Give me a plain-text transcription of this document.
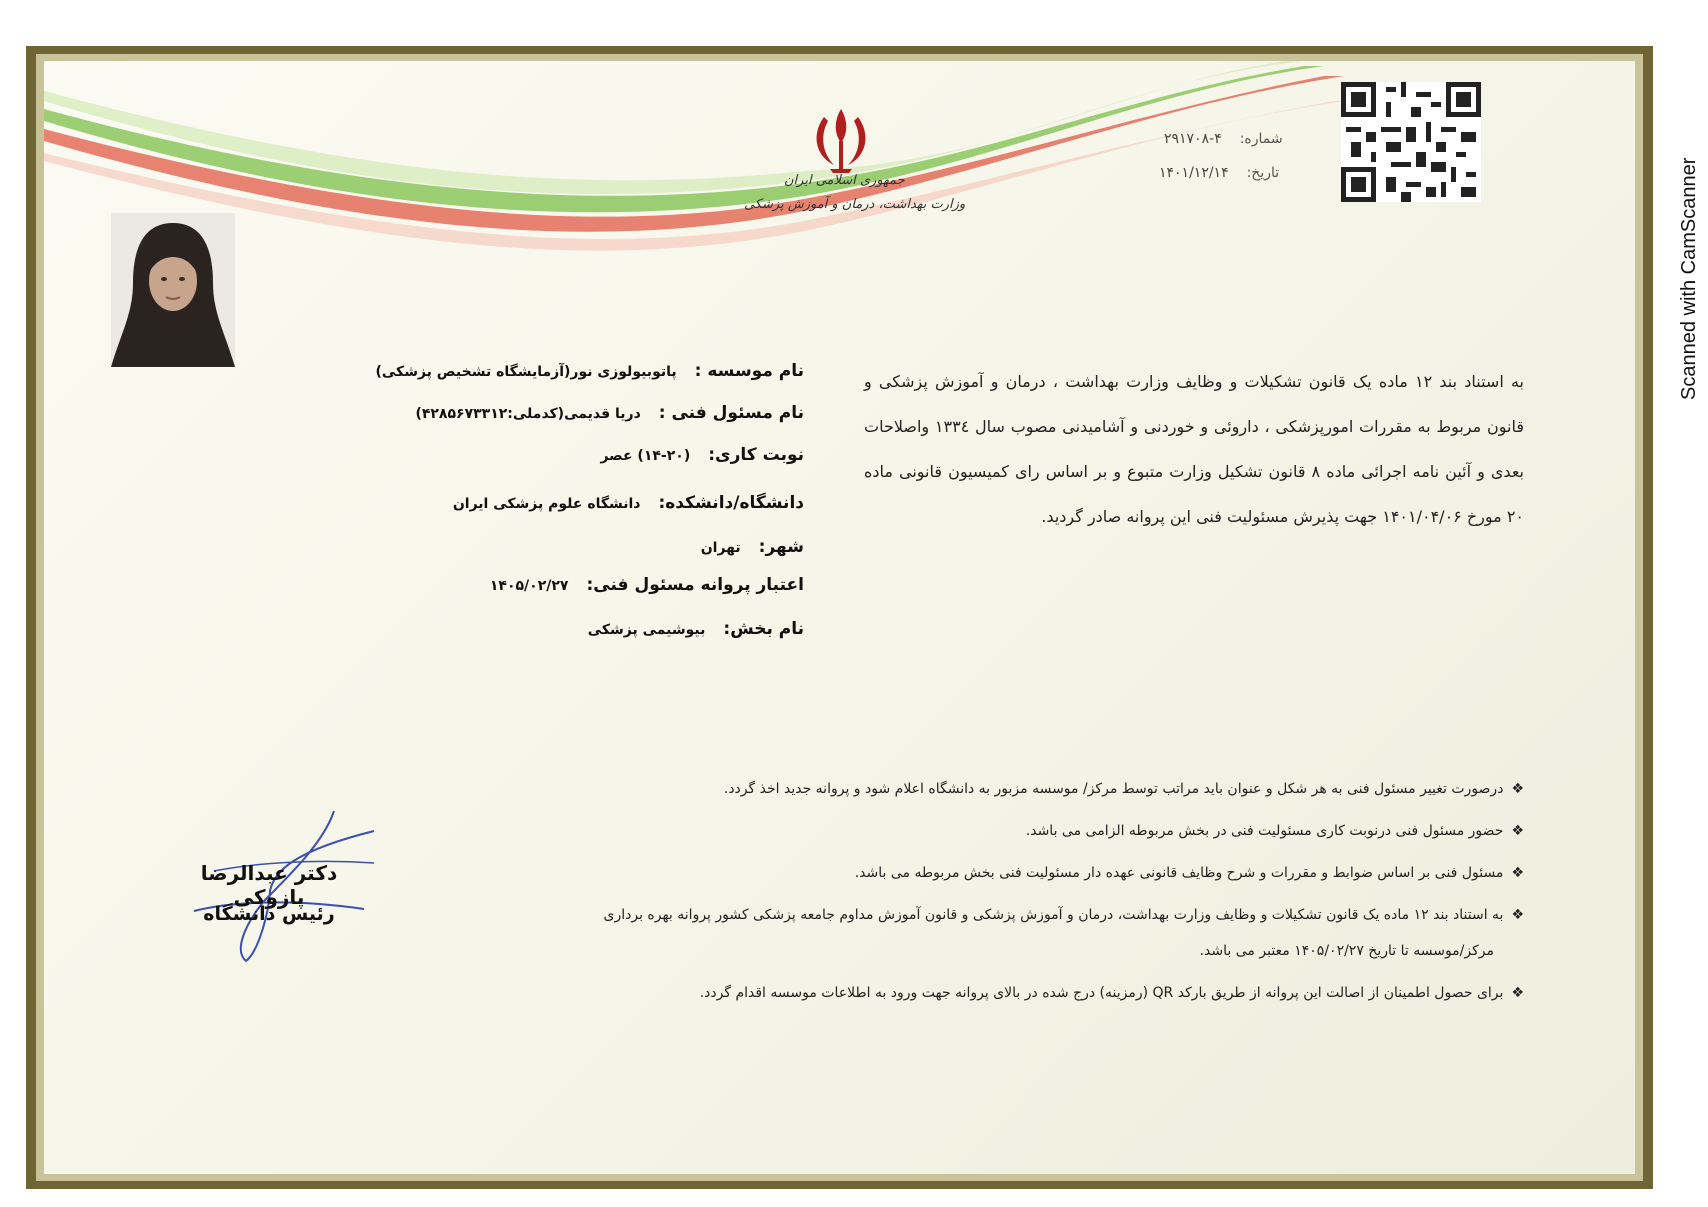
جمهوری اسلامی ایران
وزارت بهداشت، درمان و آموزش پزشکی
شماره:۴-۲۹۱۷۰۸
تاریخ:۱۴۰۱/۱۲/۱۴
به استناد بند ۱۲ ماده یک قانون تشکیلات و وظایف وزارت بهداشت ، درمان و آموزش پزشکی و قانون مربوط به مقررات امورپزشکی ، داروئی و خوردنی و آشامیدنی مصوب سال ۱۳۳٤ واصلاحات بعدی و آئین نامه اجرائی ماده ۸ قانون تشکیل وزارت متبوع و بر اساس رای کمیسیون قانونی ماده ۲۰ مورخ ۱۴۰۱/۰۴/۰۶ جهت پذیرش مسئولیت فنی این پروانه صادر گردید.
نام موسسه :پاتوبیولوزی نور(آزمایشگاه تشخیص پزشکی)
نام مسئول فنی :دریا قدیمی(کدملی:۴۲۸۵۶۷۳۳۱۲)
نوبت کاری:(۲۰-۱۴) عصر
دانشگاه/دانشکده:دانشگاه علوم پزشکی ایران
شهر:تهران
اعتبار پروانه مسئول فنی:۱۴۰۵/۰۲/۲۷
نام بخش:بیوشیمی پزشکی
❖درصورت تغییر مسئول فنی به هر شکل و عنوان باید مراتب توسط مرکز/ موسسه مزبور به دانشگاه اعلام شود و پروانه جدید اخذ گردد.
❖حضور مسئول فنی درنوبت کاری مسئولیت فنی در بخش مربوطه الزامی می باشد.
❖مسئول فنی بر اساس ضوابط و مقررات و شرح وظایف قانونی عهده دار مسئولیت فنی بخش مربوطه می باشد.
❖به استناد بند ۱۲ ماده یک قانون تشکیلات و وظایف وزارت بهداشت، درمان و آموزش پزشکی و قانون آموزش مداوم جامعه پزشکی کشور پروانه بهره برداری
مرکز/موسسه تا تاریخ ۱۴۰۵/۰۲/۲۷ معتبر می باشد.
❖برای حصول اطمینان از اصالت این پروانه از طریق بارکد QR (رمزینه) درج شده در بالای پروانه جهت ورود به اطلاعات موسسه اقدام گردد.
دکتر عبدالرضا پازوکی
رئیس دانشگاه
Scanned with CamScanner
